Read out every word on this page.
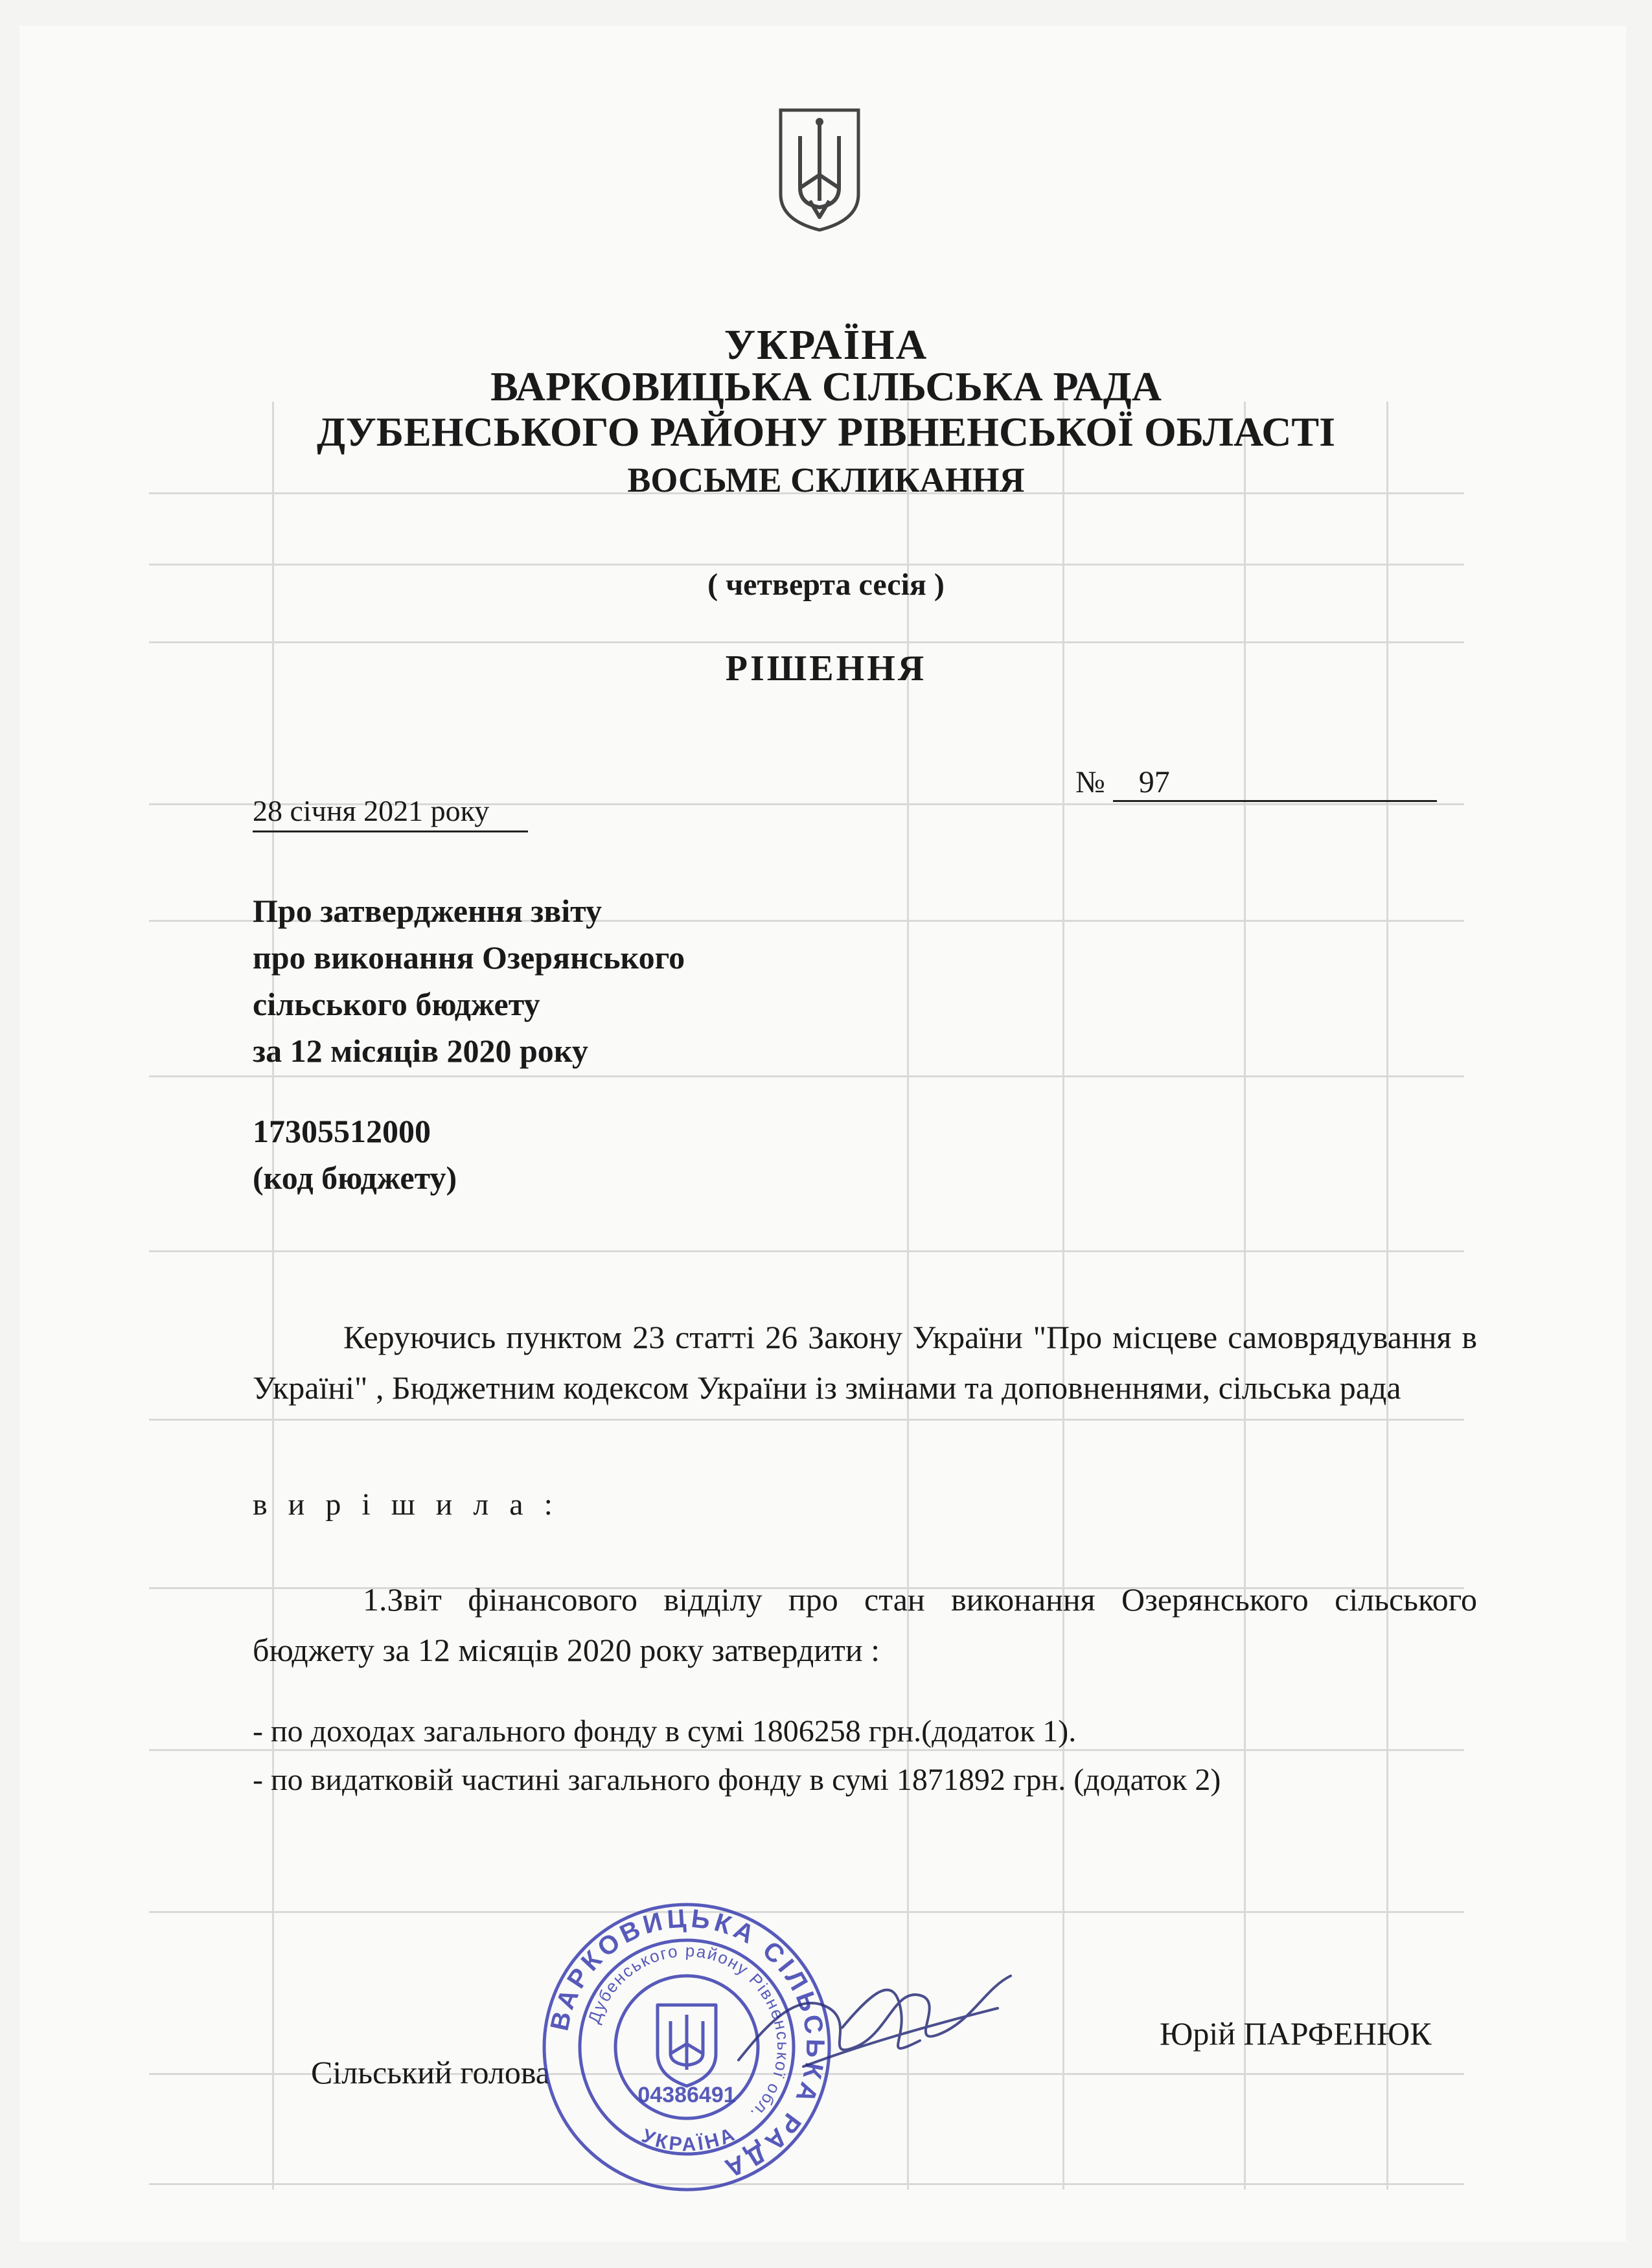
УКРАЇНА
ВАРКОВИЦЬКА СІЛЬСЬКА РАДА
ДУБЕНСЬКОГО РАЙОНУ РІВНЕНСЬКОЇ ОБЛАСТІ
ВОСЬМЕ СКЛИКАННЯ
( четверта сесія )
РІШЕННЯ
28 січня 2021 року
№ 97
Про затвердження звіту
про виконання Озерянського
сільського бюджету
за 12 місяців 2020 року
17305512000
(код бюджету)
Керуючись пунктом 23 статті 26 Закону України "Про місцеве самоврядування в Україні" , Бюджетним кодексом України із змінами та доповненнями, сільська рада
в и р і ш и л а :
1.Звіт фінансового відділу про стан виконання Озерянського сільського бюджету за 12 місяців 2020 року затвердити :
- по доходах загального фонду в сумі 1806258 грн.(додаток 1).
- по видатковій частині загального фонду в сумі 1871892 грн. (додаток 2)
Юрій ПАРФЕНЮК
Сільський голова
ВАРКОВИЦЬКА СІЛЬСЬКА РАДА
Дубенського району Рівненської обл.
УКРАЇНА
04386491
